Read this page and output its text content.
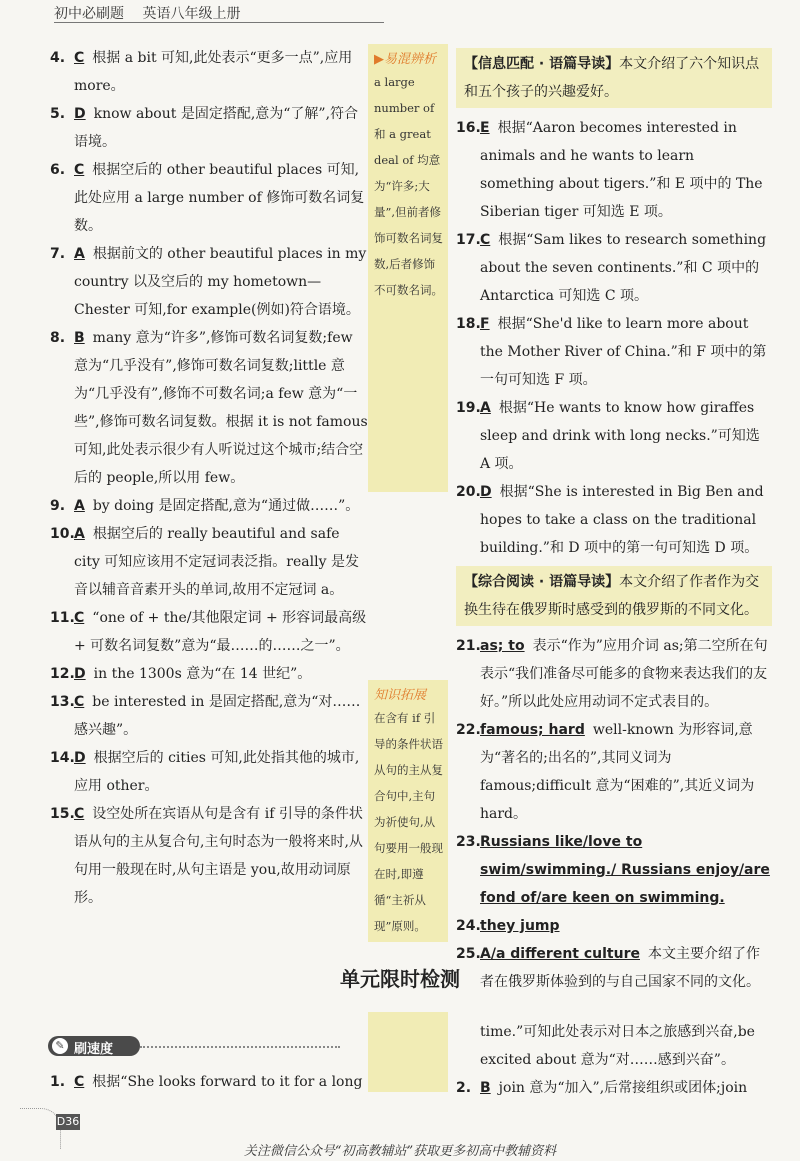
初中必刷题 英语八年级上册

4. C 根据 a bit 可知,此处表示“更多一点”,应用 more。

5. D know about 是固定搭配,意为“了解”,符合语境。

6. C 根据空后的 other beautiful places 可知,此处应用 a large number of 修饰可数名词复数。

7. A 根据前文的 other beautiful places in my country 以及空后的 my hometown—Chester 可知,for example(例如)符合语境。

8. B many 意为“许多”,修饰可数名词复数;few 意为“几乎没有”,修饰可数名词复数;little 意为“几乎没有”,修饰不可数名词;a few 意为“一些”,修饰可数名词复数。根据 it is not famous 可知,此处表示很少有人听说过这个城市;结合空后的 people,所以用 few。

9. A by doing 是固定搭配,意为“通过做……”。

10. A 根据空后的 really beautiful and safe city 可知应该用不定冠词表泛指。really 是发音以辅音音素开头的单词,故用不定冠词 a。

11. C “one of + the/其他限定词 + 形容词最高级 + 可数名词复数”意为“最……的……之一”。

12. D in the 1300s 意为“在 14 世纪”。

13. C be interested in 是固定搭配,意为“对……感兴趣”。

14. D 根据空后的 cities 可知,此处指其他的城市,应用 other。

15. C 设空处所在宾语从句是含有 if 引导的条件状语从句的主从复合句,主句时态为一般将来时,从句用一般现在时,从句主语是 you,故用动词原形。

▶易混辨析
a large number of 和 a great deal of 均意为“许多;大量”,但前者修饰可数名词复数,后者修饰不可数名词。
知识拓展
在含有 if 引导的条件状语从句的主从复合句中,主句为祈使句,从句要用一般现在时,即遵循“主祈从现”原则。
【信息匹配 · 语篇导读】本文介绍了六个知识点和五个孩子的兴趣爱好。

16. E 根据“Aaron becomes interested in animals and he wants to learn something about tigers.”和 E 项中的 The Siberian tiger 可知选 E 项。

17. C 根据“Sam likes to research something about the seven continents.”和 C 项中的 Antarctica 可知选 C 项。

18. F 根据“She'd like to learn more about the Mother River of China.”和 F 项中的第一句可知选 F 项。

19. A 根据“He wants to know how giraffes sleep and drink with long necks.”可知选 A 项。

20. D 根据“She is interested in Big Ben and hopes to take a class on the traditional building.”和 D 项中的第一句可知选 D 项。

【综合阅读 · 语篇导读】本文介绍了作者作为交换生待在俄罗斯时感受到的俄罗斯的不同文化。

21. as; to 表示“作为”应用介词 as;第二空所在句表示“我们准备尽可能多的食物来表达我们的友好。”所以此处应用动词不定式表目的。

22. famous; hard well-known 为形容词,意为“著名的;出名的”,其同义词为 famous;difficult 意为“困难的”,其近义词为 hard。

23. Russians like/love to swim/swimming./ Russians enjoy/are fond of/are keen on swimming.

24. they jump

25. A/a different culture 本文主要介绍了作者在俄罗斯体验到的与自己国家不同的文化。

单元限时检测
✎ 刷速度

1. C 根据“She looks forward to it for a long

time.”可知此处表示对日本之旅感到兴奋,be excited about 意为“对……感到兴奋”。

2. B join 意为“加入”,后常接组织或团体;join

D36
关注微信公众号“初高教辅站”获取更多初高中教辅资料
